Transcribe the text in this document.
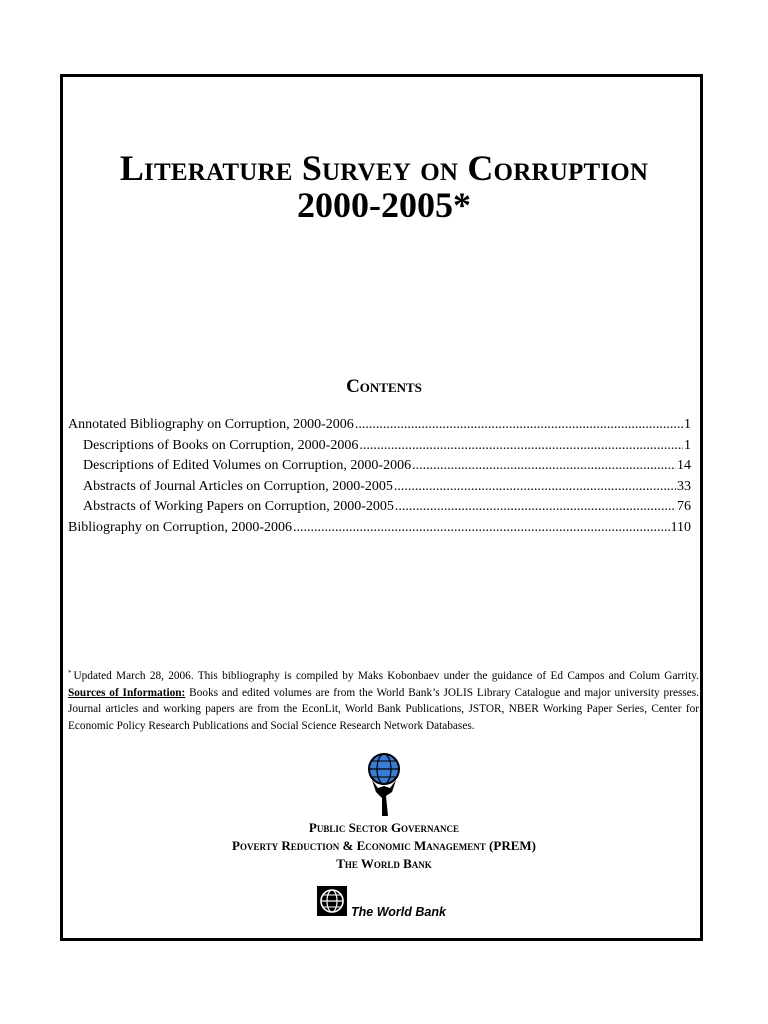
Literature Survey on Corruption
2000-2005*
Contents
Annotated Bibliography on Corruption, 2000-2006 .....	1
Descriptions of Books on Corruption, 2000-2006 .....	1
Descriptions of Edited Volumes on Corruption, 2000-2006 .....	14
Abstracts of Journal Articles on Corruption, 2000-2005 .....	33
Abstracts of Working Papers on Corruption, 2000-2005 .....	76
Bibliography on Corruption, 2000-2006 .....	110
* Updated March 28, 2006. This bibliography is compiled by Maks Kobonbaev under the guidance of Ed Campos and Colum Garrity. Sources of Information: Books and edited volumes are from the World Bank’s JOLIS Library Catalogue and major university presses. Journal articles and working papers are from the EconLit, World Bank Publications, JSTOR, NBER Working Paper Series, Center for Economic Policy Research Publications and Social Science Research Network Databases.
Public Sector Governance
Poverty Reduction & Economic Management (PREM)
The World Bank
The World Bank
